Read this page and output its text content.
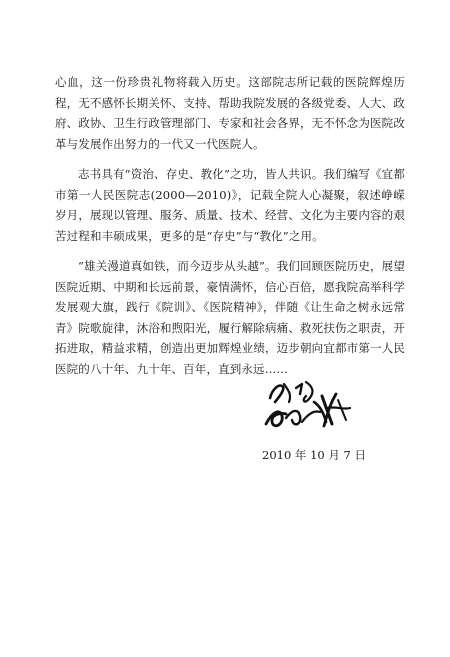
心血，这一份珍贵礼物将载入历史。这部院志所记载的医院辉煌历程，无不感怀长期关怀、支持、帮助我院发展的各级党委、人大、政府、政协、卫生行政管理部门、专家和社会各界，无不怀念为医院改革与发展作出努力的一代又一代医院人。

志书具有“资治、存史、教化”之功，皆人共识。我们编写《宜都市第一人民医院志(2000—2010)》，记载全院人心凝聚，叙述峥嵘岁月，展现以管理、服务、质量、技术、经营、文化为主要内容的艰苦过程和丰硕成果，更多的是“存史”与“教化”之用。

“雄关漫道真如铁，而今迈步从头越”。我们回顾医院历史，展望医院近期、中期和长远前景，豪情满怀，信心百倍，愿我院高举科学发展观大旗，践行《院训》、《医院精神》，伴随《让生命之树永远常青》院歌旋律，沐浴和煦阳光，履行解除病痛、救死扶伤之职责，开拓进取，精益求精，创造出更加辉煌业绩，迈步朝向宜都市第一人民医院的八十年、九十年、百年，直到永远……

2010 年 10 月 7 日
